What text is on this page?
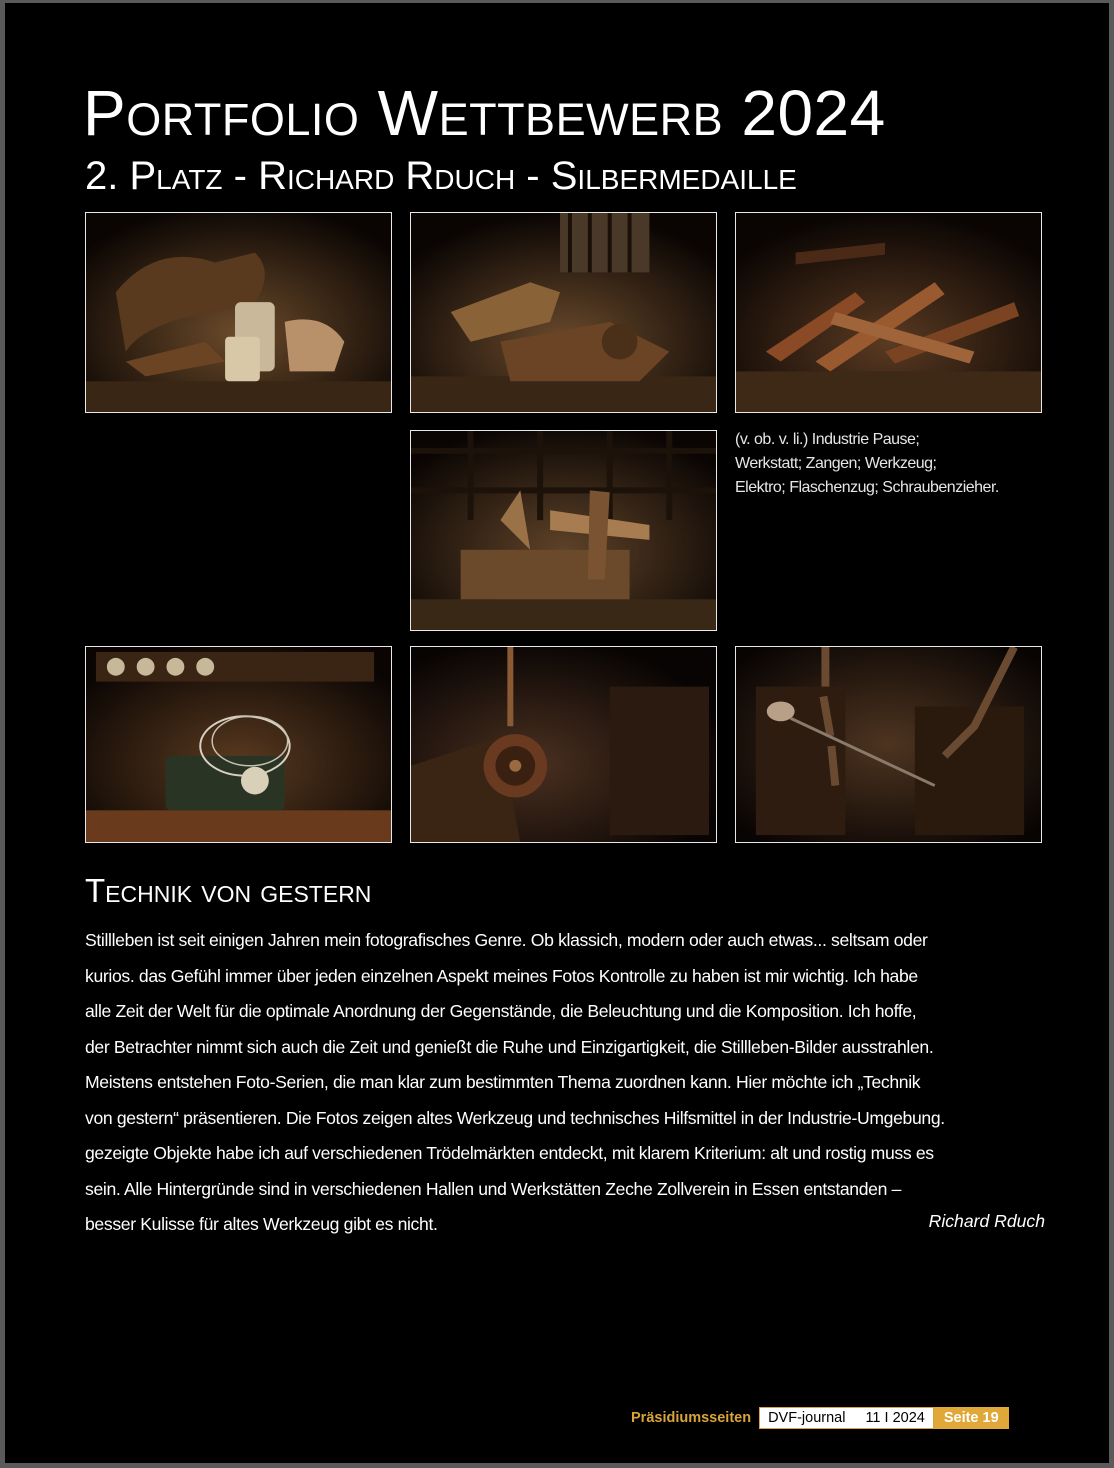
Portfolio Wettbewerb 2024
2. Platz - Richard Rduch - Silbermedaille
(v. ob. v. li.) Industrie Pause;
Werkstatt; Zangen; Werkzeug;
Elektro; Flaschenzug; Schraubenzieher.
Technik von gestern
Stillleben ist seit einigen Jahren mein fotografisches Genre. Ob klassich, modern oder auch etwas... seltsam oder
kurios. das Gefühl immer über jeden einzelnen Aspekt meines Fotos Kontrolle zu haben ist mir wichtig. Ich habe
alle Zeit der Welt für die optimale Anordnung der Gegenstände, die Beleuchtung und die Komposition. Ich hoffe,
der Betrachter nimmt sich auch die Zeit und genießt die Ruhe und Einzigartigkeit, die Stillleben-Bilder ausstrahlen.
Meistens entstehen Foto-Serien, die man klar zum bestimmten Thema zuordnen kann. Hier möchte ich „Technik
von gestern“ präsentieren. Die Fotos zeigen altes Werkzeug und technisches Hilfsmittel in der Industrie-Umgebung.
gezeigte Objekte habe ich auf verschiedenen Trödelmärkten entdeckt, mit klarem Kriterium: alt und rostig muss es
sein. Alle Hintergründe sind in verschiedenen Hallen und Werkstätten Zeche Zollverein in Essen entstanden –
besser Kulisse für altes Werkzeug gibt es nicht.	Richard Rduch
Präsidiumsseiten	DVF-journal 11 I 2024	Seite 19
